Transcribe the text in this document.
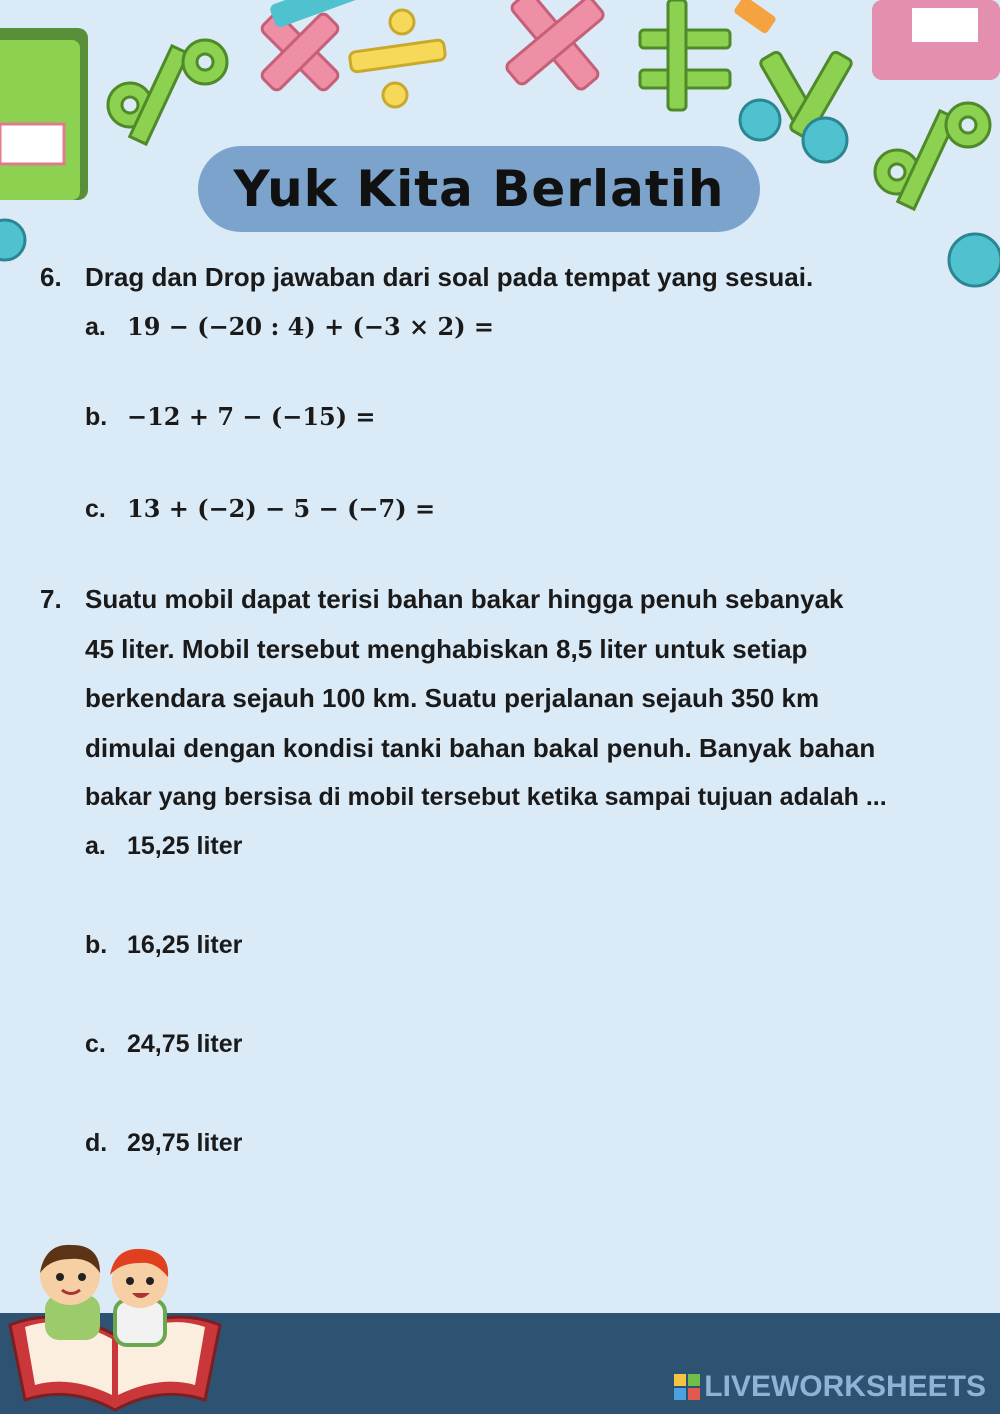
Yuk Kita Berlatih
6. Drag dan Drop jawaban dari soal pada tempat yang sesuai.
a. 19 − (−20 : 4) + (−3 × 2) =
b. −12 + 7 − (−15) =
c. 13 + (−2) − 5 − (−7) =
7. Suatu mobil dapat terisi bahan bakar hingga penuh sebanyak
45 liter. Mobil tersebut menghabiskan 8,5 liter untuk setiap
berkendara sejauh 100 km. Suatu perjalanan sejauh 350 km
dimulai dengan kondisi tanki bahan bakal penuh. Banyak bahan
bakar yang bersisa di mobil tersebut ketika sampai tujuan adalah ...
a. 15,25 liter
b. 16,25 liter
c. 24,75 liter
d. 29,75 liter
LIVEWORKSHEETS
